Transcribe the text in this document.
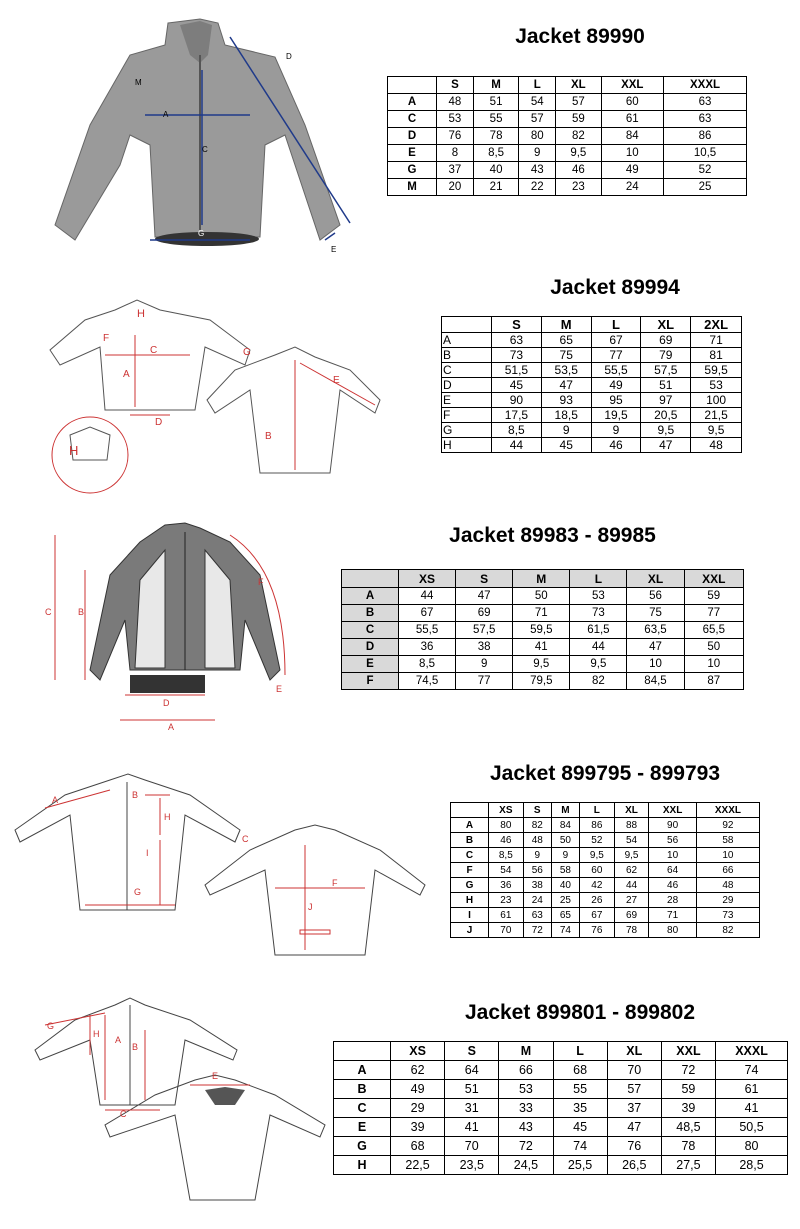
M
A
C
G
D
E
Jacket 89990
	S	M	L	XL	XXL	XXXL
A	48	51	54	57	60	63
C	53	55	57	59	61	63
D	76	78	80	82	84	86
E	8	8,5	9	9,5	10	10,5
G	37	40	43	46	49	52
M	20	21	22	23	24	25
H
F
C
A
G
D
E
B
H
Jacket 89994
	S	M	L	XL	2XL
A	63	65	67	69	71
B	73	75	77	79	81
C	51,5	53,5	55,5	57,5	59,5
D	45	47	49	51	53
E	90	93	95	97	100
F	17,5	18,5	19,5	20,5	21,5
G	8,5	9	9	9,5	9,5
H	44	45	46	47	48
C	B
F
E
D
A
Jacket 89983 - 89985
	XS	S	M	L	XL	XXL
A	44	47	50	53	56	59
B	67	69	71	73	75	77
C	55,5	57,5	59,5	61,5	63,5	65,5
D	36	38	41	44	47	50
E	8,5	9	9,5	9,5	10	10
F	74,5	77	79,5	82	84,5	87
A	B
H
C
I
G
F
J
Jacket 899795 - 899793
	XS	S	M	L	XL	XXL	XXXL
A	80	82	84	86	88	90	92
B	46	48	50	52	54	56	58
C	8,5	9	9	9,5	9,5	10	10
F	54	56	58	60	62	64	66
G	36	38	40	42	44	46	48
H	23	24	25	26	27	28	29
I	61	63	65	67	69	71	73
J	70	72	74	76	78	80	82
G
H
B
A
C
E
Jacket 899801 - 899802
	XS	S	M	L	XL	XXL	XXXL
A	62	64	66	68	70	72	74
B	49	51	53	55	57	59	61
C	29	31	33	35	37	39	41
E	39	41	43	45	47	48,5	50,5
G	68	70	72	74	76	78	80
H	22,5	23,5	24,5	25,5	26,5	27,5	28,5
